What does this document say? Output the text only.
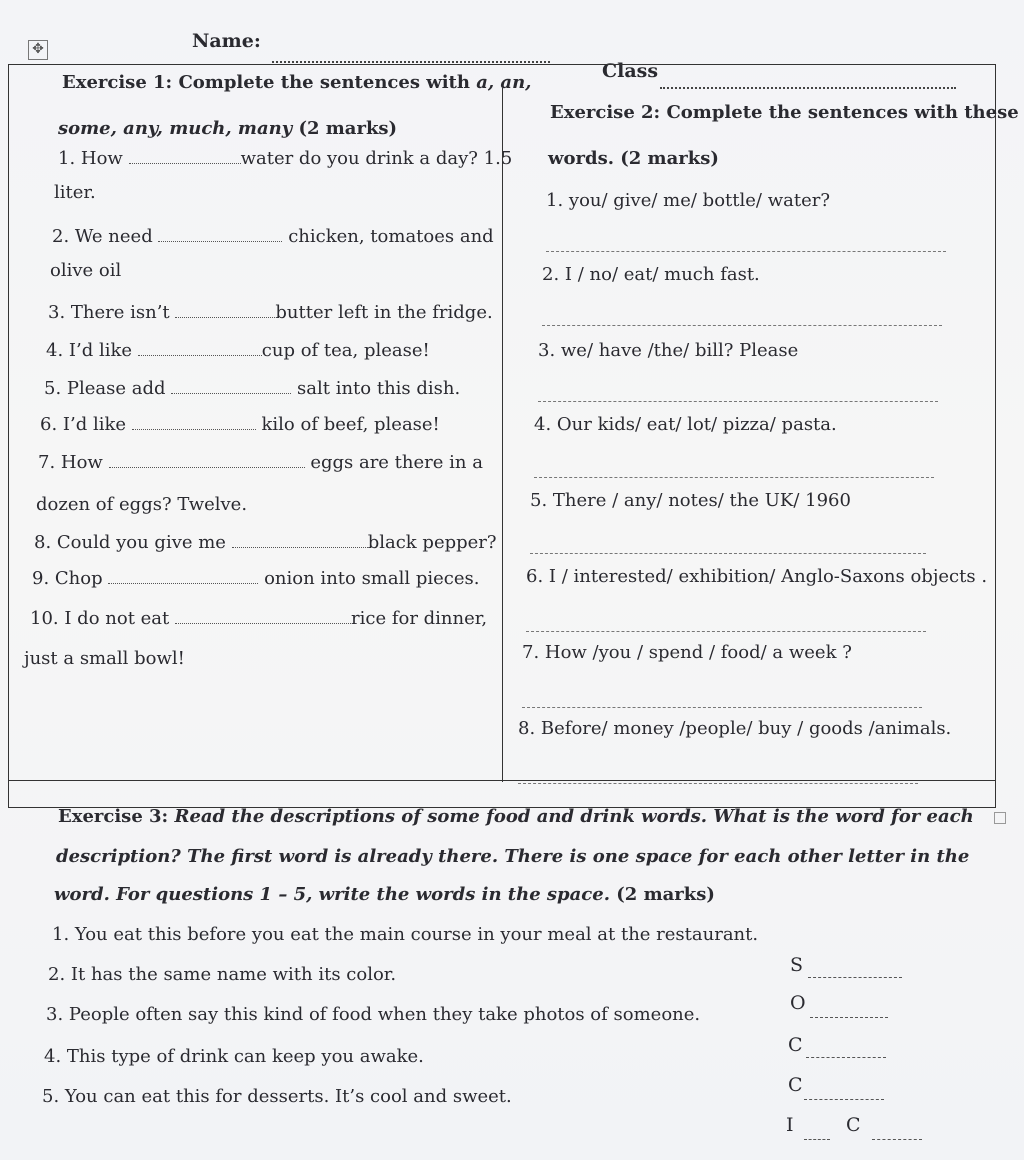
✥	Name:
Class
Exercise 1: Complete the sentences with a, an,
some, any, much, many (2 marks)
1. How	water do you drink a day? 1.5
liter.
2. We need	chicken, tomatoes and
olive oil
3. There isn’t	butter left in the fridge.
4. I’d like	cup of tea, please!
5. Please add	salt into this dish.
6. I’d like	kilo of beef, please!
7. How	eggs are there in a
dozen of eggs? Twelve.
8. Could you give me	black pepper?
9. Chop	onion into small pieces.
10. I do not eat	rice for dinner,
just a small bowl!
Exercise 2: Complete the sentences with these
words. (2 marks)
1. you/ give/ me/ bottle/ water?
2. I / no/ eat/ much fast.
3. we/ have /the/ bill? Please
4. Our kids/ eat/ lot/ pizza/ pasta.
5. There / any/ notes/ the UK/ 1960
6. I / interested/ exhibition/ Anglo-Saxons objects .
7. How /you / spend / food/ a week ?
8. Before/ money /people/ buy / goods /animals.
Exercise 3: Read the descriptions of some food and drink words. What is the word for each
description? The first word is already there. There is one space for each other letter in the
word. For questions 1 – 5, write the words in the space. (2 marks)
1. You eat this before you eat the main course in your meal at the restaurant.
S
2. It has the same name with its color.
O
3. People often say this kind of food when they take photos of someone.
C
4. This type of drink can keep you awake.
C
5. You can eat this for desserts. It’s cool and sweet.
I	C
